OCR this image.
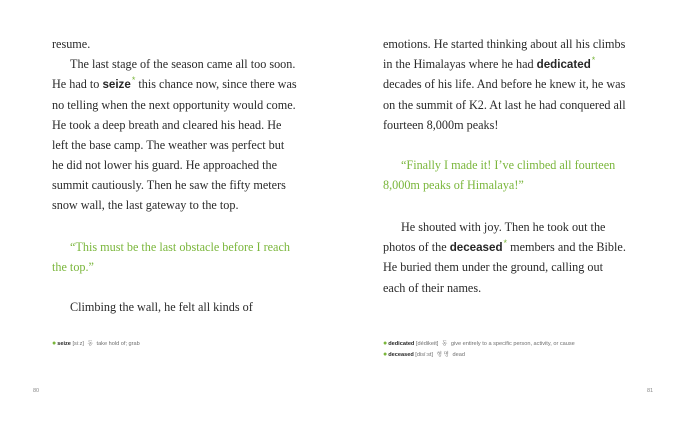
resume.
The last stage of the season came all too soon.
He had to seize* this chance now, since there was
no telling when the next opportunity would come.
He took a deep breath and cleared his head. He
left the base camp. The weather was perfect but
he did not lower his guard. He approached the
summit cautiously. Then he saw the fifty meters
snow wall, the last gateway to the top.
“This must be the last obstacle before I reach
the top.”
Climbing the wall, he felt all kinds of
●seize [siːz] 동 take hold of; grab
80
emotions. He started thinking about all his climbs
in the Himalayas where he had dedicated*
decades of his life. And before he knew it, he was
on the summit of K2. At last he had conquered all
fourteen 8,000m peaks!
“Finally I made it! I’ve climbed all fourteen
8,000m peaks of Himalaya!”
He shouted with joy. Then he took out the
photos of the deceased* members and the Bible.
He buried them under the ground, calling out
each of their names.
●dedicated [dédikeit] 동 give entirely to a specific person, activity, or cause
●deceased [disíːst] 형 명 dead
81
